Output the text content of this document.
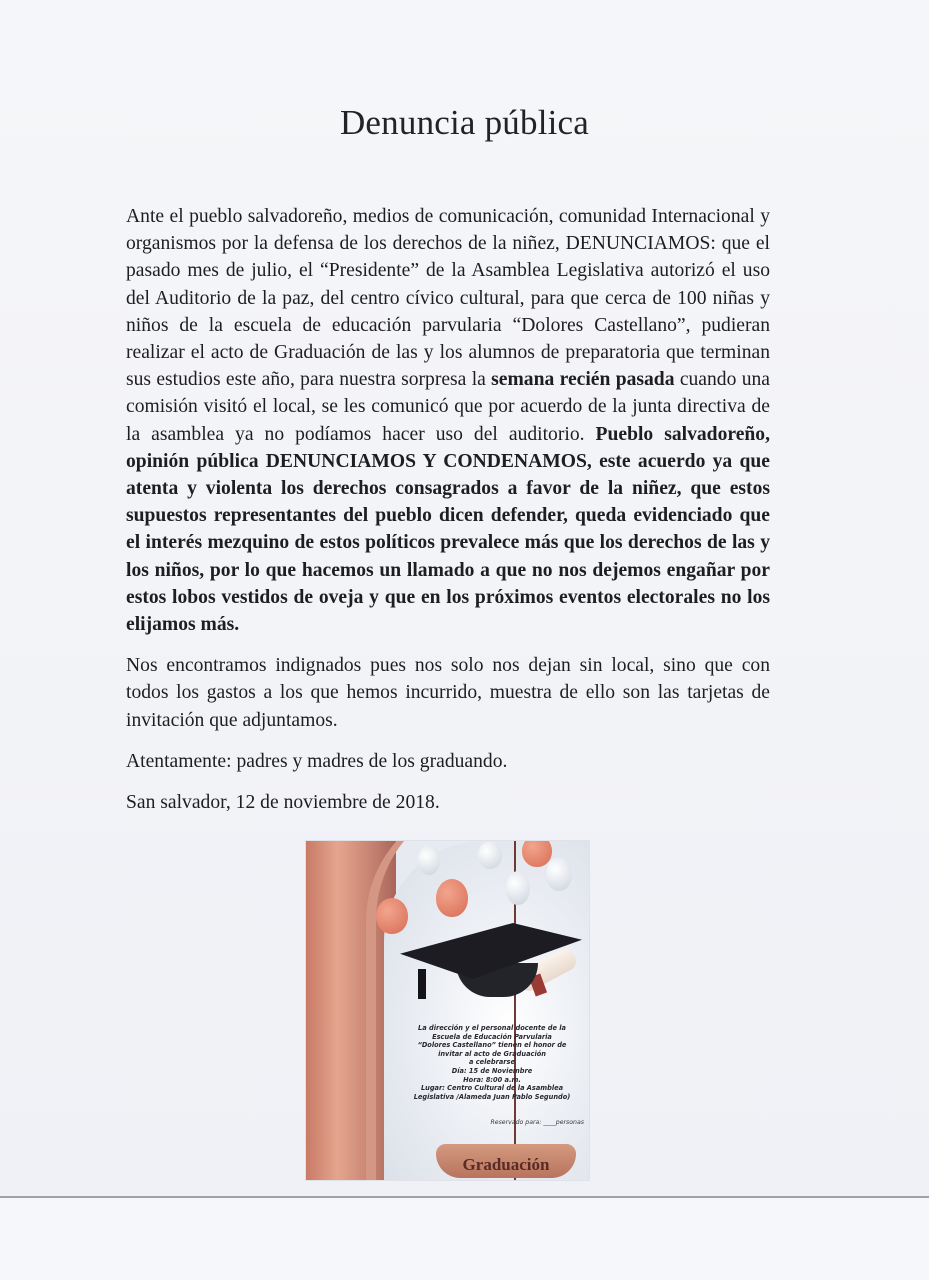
Denuncia pública

Ante el pueblo salvadoreño, medios de comunicación, comunidad Internacional y organismos por la defensa de los derechos de la niñez, DENUNCIAMOS: que el pasado mes de julio, el “Presidente” de la Asamblea Legislativa autorizó el uso del Auditorio de la paz, del centro cívico cultural, para que cerca de 100 niñas y niños de la escuela de educación parvularia “Dolores Castellano”, pudieran realizar el acto de Graduación de las y los alumnos de preparatoria que terminan sus estudios este año, para nuestra sorpresa la semana recién pasada cuando una comisión visitó el local, se les comunicó que por acuerdo de la junta directiva de la asamblea ya no podíamos hacer uso del auditorio. Pueblo salvadoreño, opinión pública DENUNCIAMOS Y CONDENAMOS, este acuerdo ya que atenta y violenta los derechos consagrados a favor de la niñez, que estos supuestos representantes del pueblo dicen defender, queda evidenciado que el interés mezquino de estos políticos prevalece más que los derechos de las y los niños, por lo que hacemos un llamado a que no nos dejemos engañar por estos lobos vestidos de oveja y que en los próximos eventos electorales no los elijamos más.

Nos encontramos indignados pues nos solo nos dejan sin local, sino que con todos los gastos a los que hemos incurrido, muestra de ello son las tarjetas de invitación que adjuntamos.

Atentamente: padres y madres de los graduando.

San salvador, 12 de noviembre de 2018.

La dirección y el personal docente de la
Escuela de Educación Parvularia
“Dolores Castellano” tienen el honor de
invitar al acto de Graduación
a celebrarse
Día: 15 de Noviembre
Hora: 8:00 a.m.
Lugar: Centro Cultural de la Asamblea
Legislativa /Alameda Juan Pablo Segundo)
Reservado para: ____personas
Graduación
